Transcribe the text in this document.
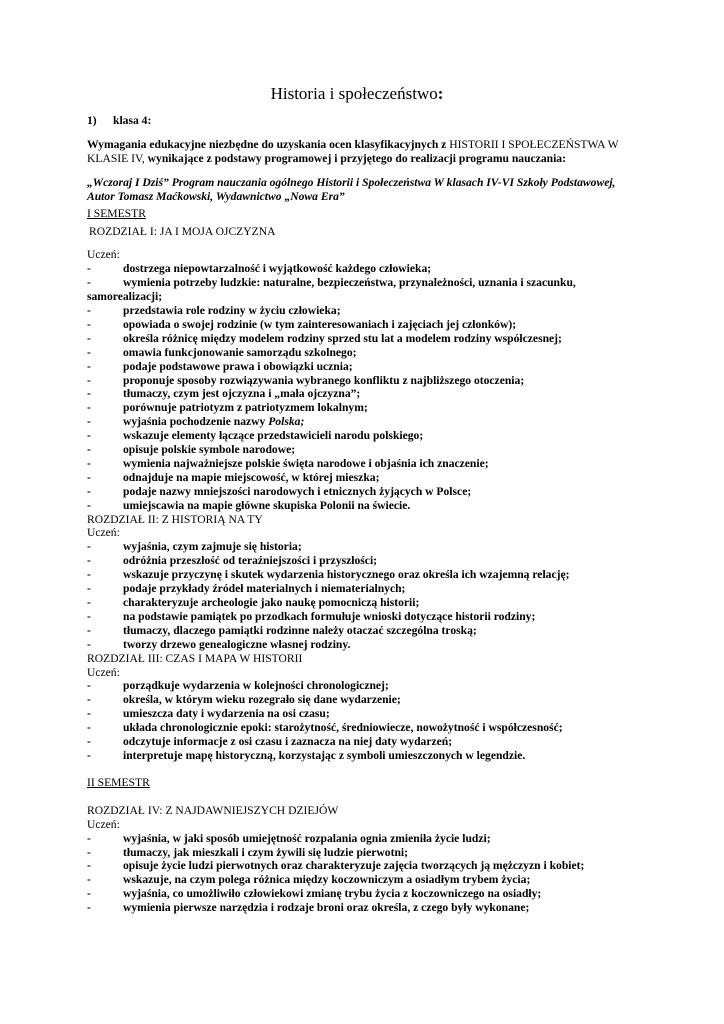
Historia i społeczeństwo:
1)	klasa 4:
Wymagania edukacyjne niezbędne do uzyskania ocen klasyfikacyjnych z HISTORII I SPOŁECZEŃSTWA W KLASIE IV, wynikające z podstawy programowej i przyjętego do realizacji programu nauczania:
„Wczoraj I Dziś” Program nauczania ogólnego Historii i Społeczeństwa W klasach IV-VI Szkoły Podstawowej, Autor Tomasz Maćkowski, Wydawnictwo „Nowa Era”
I SEMESTR
ROZDZIAŁ I: JA I MOJA OJCZYZNA
Uczeń:
-	dostrzega niepowtarzalność i wyjątkowość każdego człowieka;
-	wymienia potrzeby ludzkie: naturalne, bezpieczeństwa, przynależności, uznania i szacunku, samorealizacji;
-	przedstawia role rodziny w życiu człowieka;
-	opowiada o swojej rodzinie (w tym zainteresowaniach i zajęciach jej członków);
-	określa różnicę między modelem rodziny sprzed stu lat a modelem rodziny współczesnej;
-	omawia funkcjonowanie samorządu szkolnego;
-	podaje podstawowe prawa i obowiązki ucznia;
-	proponuje sposoby rozwiązywania wybranego konfliktu z najbliższego otoczenia;
-	tłumaczy, czym jest ojczyzna i „mała ojczyzna”;
-	porównuje patriotyzm z patriotyzmem lokalnym;
-	wyjaśnia pochodzenie nazwy Polska;
-	wskazuje elementy łączące przedstawicieli narodu polskiego;
-	opisuje polskie symbole narodowe;
-	wymienia najważniejsze polskie święta narodowe i objaśnia ich znaczenie;
-	odnajduje na mapie miejscowość, w której mieszka;
-	podaje nazwy mniejszości narodowych i etnicznych żyjących w Polsce;
-	umiejscawia na mapie główne skupiska Polonii na świecie.
ROZDZIAŁ II: Z HISTORIĄ NA TY
Uczeń:
-	wyjaśnia, czym zajmuje się historia;
-	odróżnia przeszłość od teraźniejszości i przyszłości;
-	wskazuje przyczynę i skutek wydarzenia historycznego oraz określa ich wzajemną relację;
-	podaje przykłady źródeł materialnych i niematerialnych;
-	charakteryzuje archeologie jako naukę pomocniczą historii;
-	na podstawie pamiątek po przodkach formułuje wnioski dotyczące historii rodziny;
-	tłumaczy, dlaczego pamiątki rodzinne należy otaczać szczególna troską;
-	tworzy drzewo genealogiczne własnej rodziny.
ROZDZIAŁ III: CZAS I MAPA W HISTORII
Uczeń:
-	porządkuje wydarzenia w kolejności chronologicznej;
-	określa, w którym wieku rozegrało się dane wydarzenie;
-	umieszcza daty i wydarzenia na osi czasu;
-	układa chronologicznie epoki: starożytność, średniowiecze, nowożytność i współczesność;
-	odczytuje informacje z osi czasu i zaznacza na niej daty wydarzeń;
-	interpretuje mapę historyczną, korzystając z symboli umieszczonych w legendzie.
II SEMESTR
ROZDZIAŁ IV: Z NAJDAWNIEJSZYCH DZIEJÓW
Uczeń:
-	wyjaśnia, w jaki sposób umiejętność rozpalania ognia zmieniła życie ludzi;
-	tłumaczy, jak mieszkali i czym żywili się ludzie pierwotni;
-	opisuje życie ludzi pierwotnych oraz charakteryzuje zajęcia tworzących ją mężczyzn i kobiet;
-	wskazuje, na czym polega różnica między koczowniczym a osiadłym trybem życia;
-	wyjaśnia, co umożliwiło człowiekowi zmianę trybu życia z koczowniczego na osiadły;
-	wymienia pierwsze narzędzia i rodzaje broni oraz określa, z czego były wykonane;
